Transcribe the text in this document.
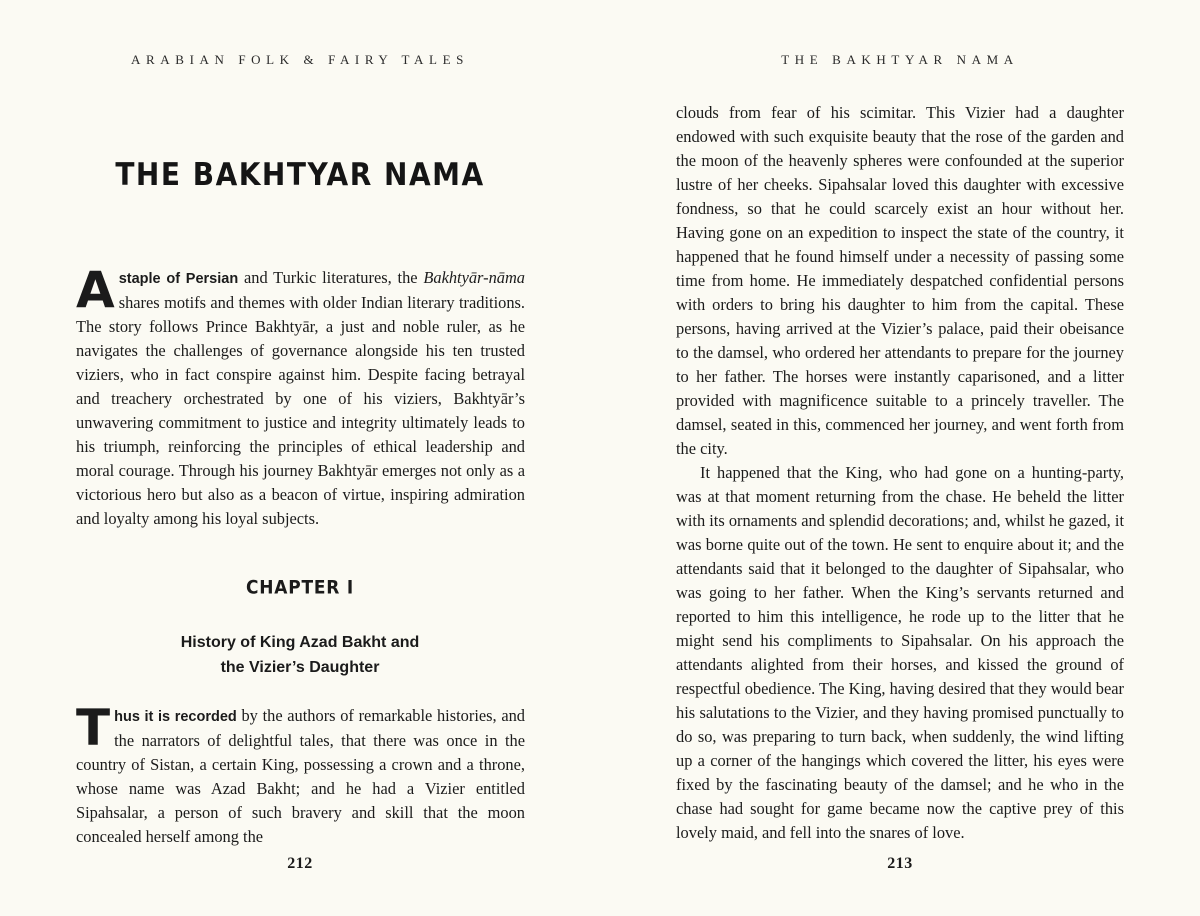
ARABIAN FOLK & FAIRY TALES
THE BAKHTYAR NAMA

Astaple of Persian and Turkic literatures, the Bakhtyār-nāma shares motifs and themes with older Indian literary traditions. The story follows Prince Bakhtyār, a just and noble ruler, as he navigates the challenges of governance alongside his ten trusted viziers, who in fact conspire against him. Despite facing betrayal and treachery orchestrated by one of his viziers, Bakhtyār’s unwavering commitment to justice and integrity ultimately leads to his triumph, reinforcing the principles of ethical leadership and moral courage. Through his journey Bakhtyār emerges not only as a victorious hero but also as a beacon of virtue, inspiring admiration and loyalty among his loyal subjects.

CHAPTER I
History of King Azad Bakht and
the Vizier’s Daughter

Thus it is recorded by the authors of remarkable histories, and the narrators of delightful tales, that there was once in the country of Sistan, a certain King, possessing a crown and a throne, whose name was Azad Bakht; and he had a Vizier entitled Sipahsalar, a person of such bravery and skill that the moon concealed herself among the

212
THE BAKHTYAR NAMA

clouds from fear of his scimitar. This Vizier had a daughter endowed with such exquisite beauty that the rose of the garden and the moon of the heavenly spheres were confounded at the superior lustre of her cheeks. Sipahsalar loved this daughter with excessive fondness, so that he could scarcely exist an hour without her. Having gone on an expedition to inspect the state of the country, it happened that he found himself under a necessity of passing some time from home. He immediately despatched confidential persons with orders to bring his daughter to him from the capital. These persons, having arrived at the Vizier’s palace, paid their obeisance to the damsel, who ordered her attendants to prepare for the journey to her father. The horses were instantly caparisoned, and a litter provided with magnificence suitable to a princely traveller. The damsel, seated in this, commenced her journey, and went forth from the city.

It happened that the King, who had gone on a hunting-party, was at that moment returning from the chase. He beheld the litter with its ornaments and splendid decorations; and, whilst he gazed, it was borne quite out of the town. He sent to enquire about it; and the attendants said that it belonged to the daughter of Sipahsalar, who was going to her father. When the King’s servants returned and reported to him this intelligence, he rode up to the litter that he might send his compliments to Sipahsalar. On his approach the attendants alighted from their horses, and kissed the ground of respectful obedience. The King, having desired that they would bear his salutations to the Vizier, and they having promised punctually to do so, was preparing to turn back, when suddenly, the wind lifting up a corner of the hangings which covered the litter, his eyes were fixed by the fascinating beauty of the damsel; and he who in the chase had sought for game became now the captive prey of this lovely maid, and fell into the snares of love.

213
